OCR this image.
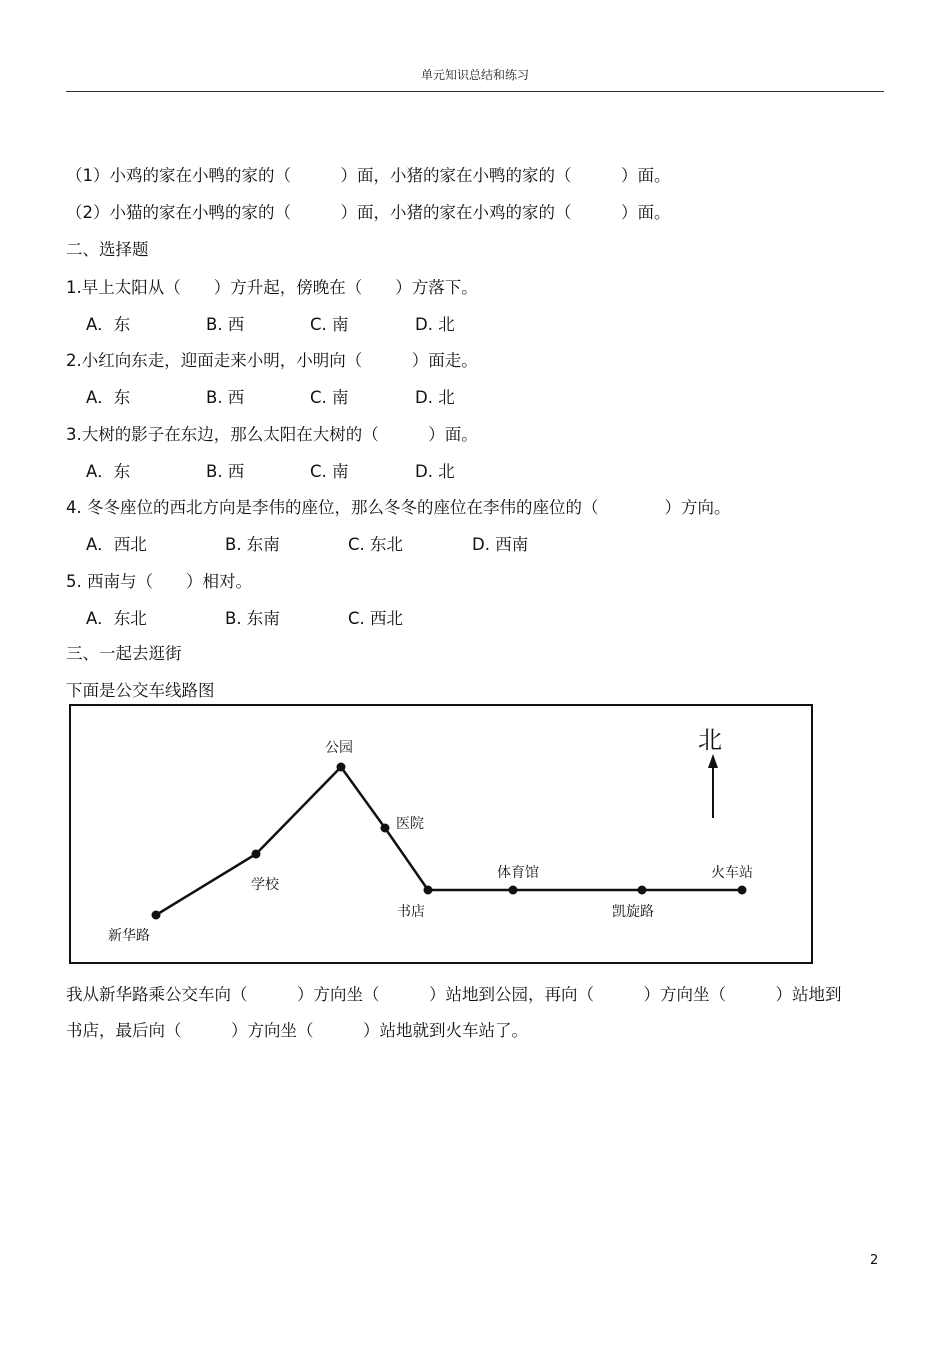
单元知识总结和练习
（1）小鸡的家在小鸭的家的（　　　）面，小猪的家在小鸭的家的（　　　）面。
（2）小猫的家在小鸭的家的（　　　）面，小猪的家在小鸡的家的（　　　）面。
二、选择题
1.早上太阳从（　　）方升起，傍晚在（　　）方落下。
A．东	B. 西	C. 南	D. 北
2.小红向东走，迎面走来小明，小明向（　　　）面走。
A．东	B. 西	C. 南	D. 北
3.大树的影子在东边，那么太阳在大树的（　　　）面。
A．东	B. 西	C. 南	D. 北
4. 冬冬座位的西北方向是李伟的座位，那么冬冬的座位在李伟的座位的（　　　　）方向。
A．西北	B. 东南	C. 东北	D. 西南
5. 西南与（　　）相对。
A．东北	B. 东南	C. 西北
三、一起去逛街
下面是公交车线路图
新华路
学校
公园
医院
书店
体育馆
凯旋路
火车站
北
我从新华路乘公交车向（　　　）方向坐（　　　）站地到公园，再向（　　　）方向坐（　　　）站地到
书店，最后向（　　　）方向坐（　　　）站地就到火车站了。
2
